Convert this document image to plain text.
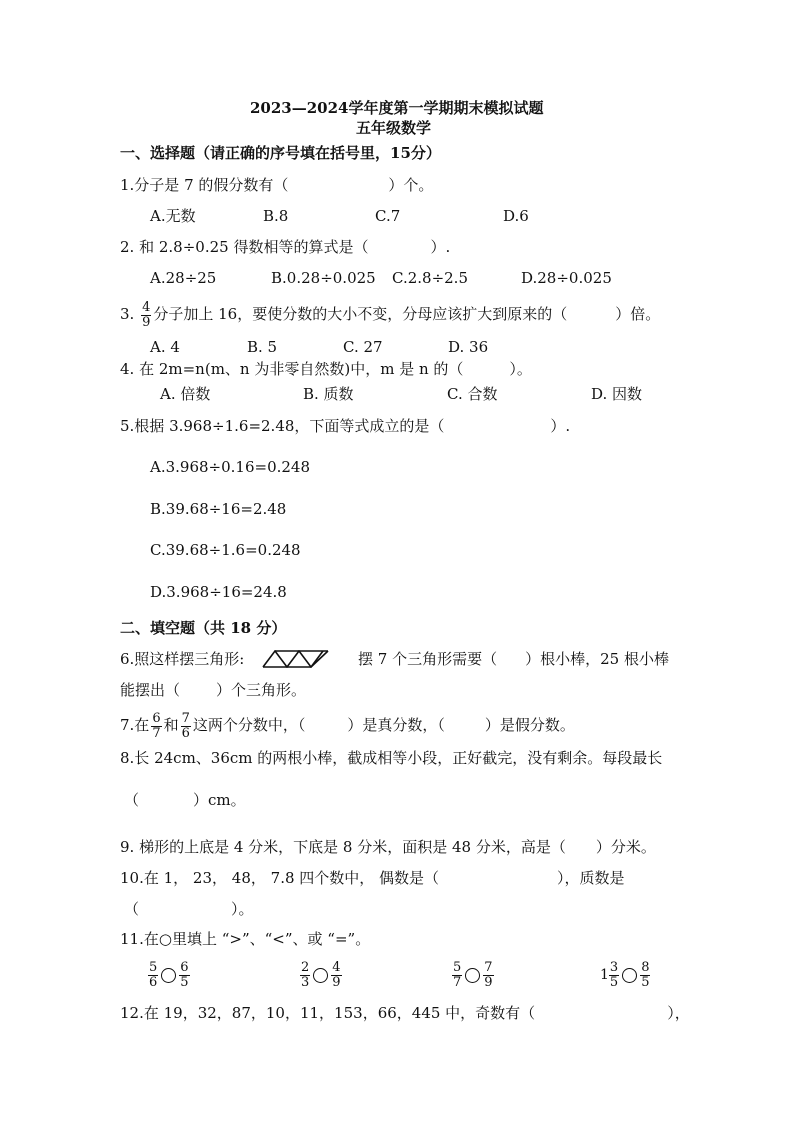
2023—2024学年度第一学期期末模拟试题
五年级数学
一、选择题（请正确的序号填在括号里，15分）
1.分子是 7 的假分数有（	）个。
A.无数	B.8	C.7	D.6
2. 和 2.8÷0.25 得数相等的算式是（	）.
A.28÷25	B.0.28÷0.025 C.2.8÷2.5	D.28÷0.025
3. $\frac{4}{9}$ 分子加上 16，要使分数的大小不变，分母应该扩大到原来的（	）倍。
A. 4	B. 5	C. 27	D. 36
4. 在 2m=n(m、n 为非零自然数)中，m 是 n 的（	）。
A. 倍数	B. 质数	C. 合数	D. 因数
5.根据 3.968÷1.6=2.48，下面等式成立的是（	）.
A.3.968÷0.16=0.248
B.39.68÷16=2.48
C.39.68÷1.6=0.248
D.3.968÷16=24.8
二、填空题（共 18 分）
6.照这样摆三角形:	摆 7 个三角形需要（ ）根小棒，25 根小棒
能摆出（ ）个三角形。
7.在 $\frac{6}{7}$ 和 $\frac{7}{6}$ 这两个分数中，（	）是真分数，（	）是假分数。
8.长 24cm、36cm 的两根小棒，截成相等小段，正好截完，没有剩余。每段最长
（	）cm。
9. 梯形的上底是 4 分米，下底是 8 分米，面积是 48 分米，高是（ ）分米。
10.在 1， 23， 48， 7.8 四个数中， 偶数是（	），质数是
（	）。
11.在○里填上 “>”、“<”、或 “=”。
$\frac{5}{6} \frac{6}{5}$	$\frac{2}{3} \frac{4}{9}$	$\frac{5}{7} \frac{7}{9}$	$1 \frac{3}{5} \frac{8}{5}$
12.在 19，32，87，10，11，153，66，445 中，奇数有（	），
